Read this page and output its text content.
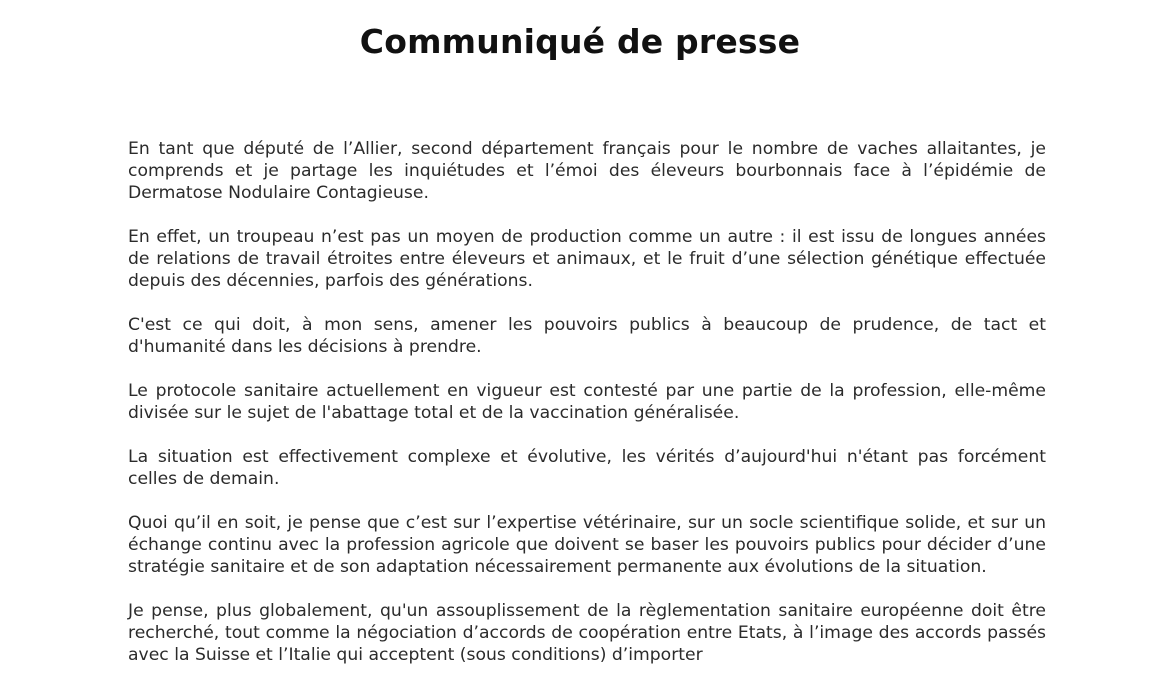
Communiqué de presse

En tant que député de l’Allier, second département français pour le nombre de vaches allaitantes, je comprends et je partage les inquiétudes et l’émoi des éleveurs bourbonnais face à l’épidémie de Dermatose Nodulaire Contagieuse.

En effet, un troupeau n’est pas un moyen de production comme un autre : il est issu de longues années de relations de travail étroites entre éleveurs et animaux, et le fruit d’une sélection génétique effectuée depuis des décennies, parfois des générations.

C'est ce qui doit, à mon sens, amener les pouvoirs publics à beaucoup de prudence, de tact et d'humanité dans les décisions à prendre.

Le protocole sanitaire actuellement en vigueur est contesté par une partie de la profession, elle-même divisée sur le sujet de l'abattage total et de la vaccination généralisée.

La situation est effectivement complexe et évolutive, les vérités d’aujourd'hui n'étant pas forcément celles de demain.

Quoi qu’il en soit, je pense que c’est sur l’expertise vétérinaire, sur un socle scientifique solide, et sur un échange continu avec la profession agricole que doivent se baser les pouvoirs publics pour décider d’une stratégie sanitaire et de son adaptation nécessairement permanente aux évolutions de la situation.

Je pense, plus globalement, qu'un assouplissement de la règlementation sanitaire européenne doit être recherché, tout comme la négociation d’accords de coopération entre Etats, à l’image des accords passés avec la Suisse et l’Italie qui acceptent (sous conditions) d’importer
